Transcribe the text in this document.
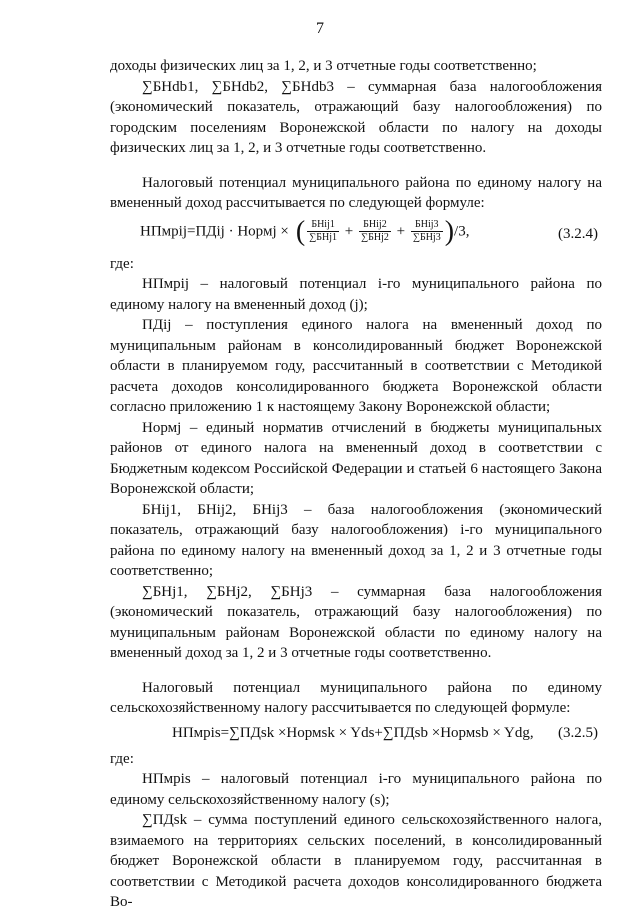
7

доходы физических лиц за 1, 2, и 3 отчетные годы соответственно;

∑БНdb1, ∑БНdb2, ∑БНdb3 – суммарная база налогообложения (экономический показатель, отражающий базу налогообложения) по городским поселениям Воронежской области по налогу на доходы физических лиц за 1, 2, и 3 отчетные годы соответственно.

Налоговый потенциал муниципального района по единому налогу на вмененный доход рассчитывается по следующей формуле:

НПмрij=ПДij · Нормj × ( $\frac{\text{БНij1}}{\text{∑БНj1}} + \frac{\text{БНij2}}{\text{∑БНj2}} + \frac{\text{БНij3}}{\text{∑БНj3}} )/3$,	(3.2.4)

где:

НПмрij – налоговый потенциал i-го муниципального района по единому налогу на вмененный доход (j);

ПДij – поступления единого налога на вмененный доход по муниципальным районам в консолидированный бюджет Воронежской области в планируемом году, рассчитанный в соответствии с Методикой расчета доходов консолидированного бюджета Воронежской области согласно приложению 1 к настоящему Закону Воронежской области;

Нормj – единый норматив отчислений в бюджеты муниципальных районов от единого налога на вмененный доход в соответствии с Бюджетным кодексом Российской Федерации и статьей 6 настоящего Закона Воронежской области;

БНij1, БНij2, БНij3 – база налогообложения (экономический показатель, отражающий базу налогообложения) i-го муниципального района по единому налогу на вмененный доход за 1, 2 и 3 отчетные годы соответственно;

∑БНj1, ∑БНj2, ∑БНj3 – суммарная база налогообложения (экономический показатель, отражающий базу налогообложения) по муниципальным районам Воронежской области по единому налогу на вмененный доход за 1, 2 и 3 отчетные годы соответственно.

Налоговый потенциал муниципального района по единому сельскохозяйственному налогу рассчитывается по следующей формуле:

НПмрis=∑ПДsk ×Нормsk × Yds+∑ПДsb ×Нормsb × Ydg, (3.2.5)

где:

НПмрis – налоговый потенциал i-го муниципального района по единому сельскохозяйственному налогу (s);

∑ПДsk – сумма поступлений единого сельскохозяйственного налога, взимаемого на территориях сельских поселений, в консолидированный бюджет Воронежской области в планируемом году, рассчитанная в соответствии с Методикой расчета доходов консолидированного бюджета Во-
